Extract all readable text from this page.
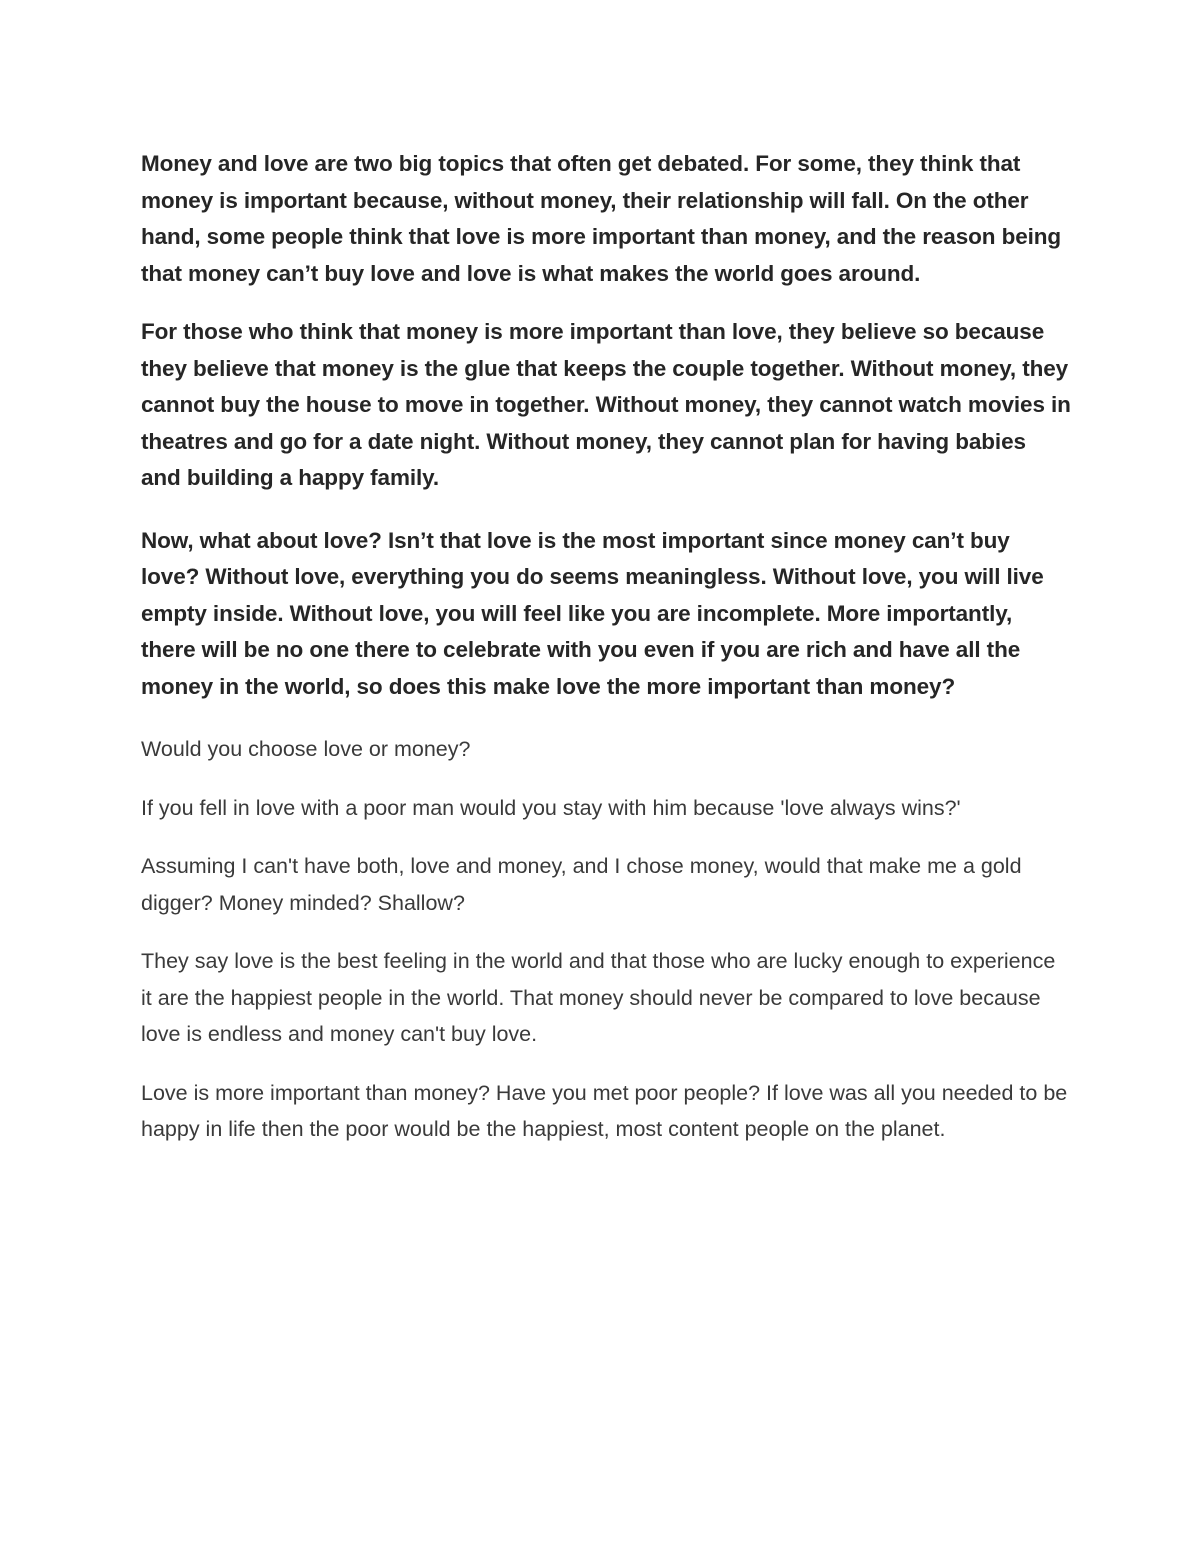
Money and love are two big topics that often get debated. For some, they think that money is important because, without money, their relationship will fall. On the other hand, some people think that love is more important than money, and the reason being that money can’t buy love and love is what makes the world goes around.

For those who think that money is more important than love, they believe so because they believe that money is the glue that keeps the couple together. Without money, they cannot buy the house to move in together. Without money, they cannot watch movies in theatres and go for a date night. Without money, they cannot plan for having babies and building a happy family.

Now, what about love? Isn’t that love is the most important since money can’t buy love? Without love, everything you do seems meaningless. Without love, you will live empty inside. Without love, you will feel like you are incomplete. More importantly, there will be no one there to celebrate with you even if you are rich and have all the money in the world, so does this make love the more important than money?

Would you choose love or money?

If you fell in love with a poor man would you stay with him because 'love always wins?'

Assuming I can't have both, love and money, and I chose money, would that make me a gold digger? Money minded? Shallow?

They say love is the best feeling in the world and that those who are lucky enough to experience it are the happiest people in the world. That money should never be compared to love because love is endless and money can't buy love.

Love is more important than money? Have you met poor people? If love was all you needed to be happy in life then the poor would be the happiest, most content people on the planet.
